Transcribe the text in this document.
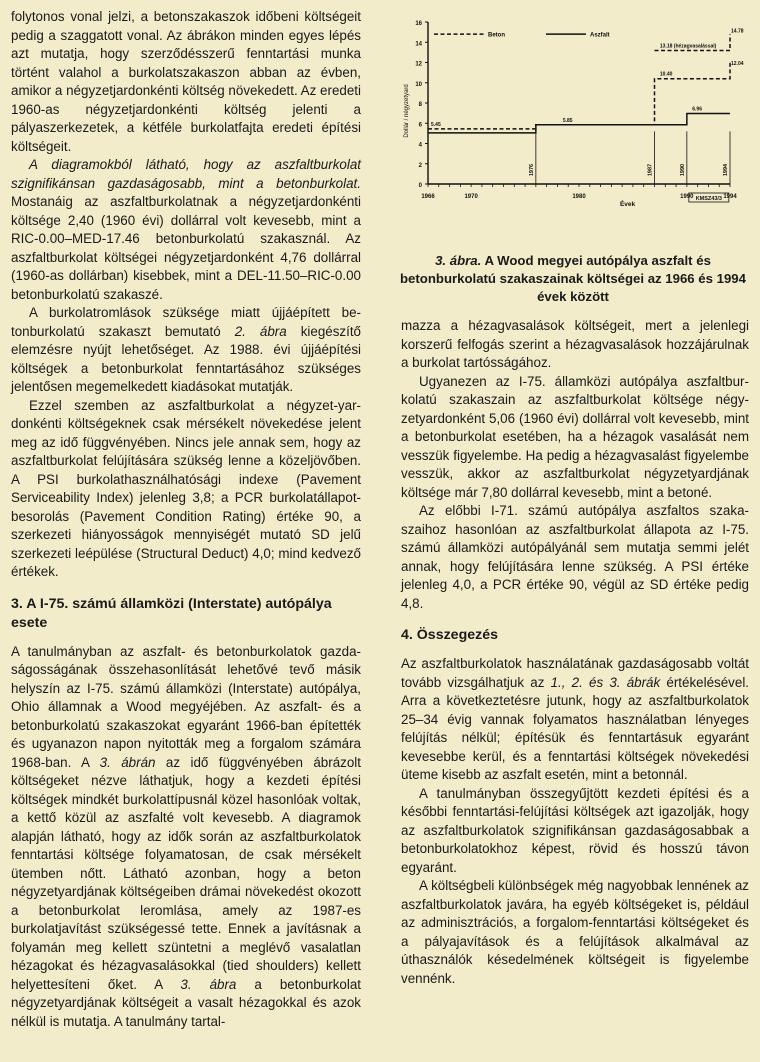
folytonos vonal jelzi, a betonszakaszok időbeni költségeit pedig a szaggatott vonal. Az ábrákon minden egyes lépés azt mutatja, hogy szerződésszerű fenntartási munka történt valahol a burkolatszakaszon abban az évben, amikor a négyzetjardonkénti költség növekedett. Az eredeti 1960-as négyzetjardonkénti költség jelenti a pályaszerkezetek, a kétféle burkolatfajta eredeti építési költségeit.

A diagramokból látható, hogy az aszfaltburkolat szignifikánsan gazdaságosabb, mint a betonburkolat. Mostanáig az aszfaltburkolatnak a négyzetjardonkénti költsége 2,40 (1960 évi) dollárral volt kevesebb, mint a RIC-0.00–MED-17.46 betonburkolatú szakasznál. Az aszfaltburkolat költségei négyzetjardonként 4,76 dollárral (1960-as dollárban) kisebbek, mint a DEL-11.50–RIC-0.00 betonburkolatú szakaszé.

A burkolatromlások szüksége miatt újjáépített betonburkolatú szakaszt bemutató 2. ábra kiegészítő elemzésre nyújt lehetőséget. Az 1988. évi újjáépítési költségek a betonburkolat fenntartásához szükséges jelentősen megemelkedett kiadásokat mutatják.

Ezzel szemben az aszfaltburkolat a négyzet-yardonkénti költségeknek csak mérsékelt növekedése jelent meg az idő függvényében. Nincs jele annak sem, hogy az aszfaltburkolat felújítására szükség lenne a közeljövőben. A PSI burkolathasználhatósági indexe (Pavement Serviceability Index) jelenleg 3,8; a PCR burkolatállapot-besorolás (Pavement Condition Rating) értéke 90, a szerkezeti hiányosságok mennyiségét mutató SD jelű szerkezeti leépülése (Structural Deduct) 4,0; mind kedvező értékek.

3. A I-75. számú államközi (Interstate) autópálya esete

A tanulmányban az aszfalt- és betonburkolatok gazdaságosságának összehasonlítását lehetővé tevő másik helyszín az I-75. számú államközi (Interstate) autópálya, Ohio államnak a Wood megyéjében. Az aszfalt- és a betonburkolatú szakaszokat egyaránt 1966-ban építették és ugyanazon napon nyitották meg a forgalom számára 1968-ban. A 3. ábrán az idő függvényében ábrázolt költségeket nézve láthatjuk, hogy a kezdeti építési költségek mindkét burkolattípusnál közel hasonlóak voltak, a kettő közül az aszfalté volt kevesebb. A diagramok alapján látható, hogy az idők során az aszfaltburkolatok fenntartási költsége folyamatosan, de csak mérsékelt ütemben nőtt. Látható azonban, hogy a beton négyzetyardjának költségeiben drámai növekedést okozott a betonburkolat leromlása, amely az 1987-es burkolatjavítást szükségessé tette. Ennek a javításnak a folyamán meg kellett szüntetni a meglévő vasalatlan hézagokat és hézagvasalásokkal (tied shoulders) kellett helyettesíteni őket. A 3. ábra a betonburkolat négyzetyardjának költségeit a vasalt hézagokkal és azok nélkül is mutatja. A tanulmány tartal-

0
2
4
6
8
10
12
14
16
1966	1970	1980	1990	1994
Dollár / négyzetyard
Évek
KMSZ43/3
1976	1987	1990	1994
Beton	Aszfalt
5.45
5.85
6.96
10.40
13.18 (hézagvasalással)
12.04
14.78
3. ábra. A Wood megyei autópálya aszfalt és betonburkolatú szakaszainak költségei az 1966 és 1994 évek között

mazza a hézagvasalások költségeit, mert a jelenlegi korszerű felfogás szerint a hézagvasalások hozzájárulnak a burkolat tartósságához.

Ugyanezen az I-75. államközi autópálya aszfaltburkolatú szakaszain az aszfaltburkolat költsége négyzetyardonként 5,06 (1960 évi) dollárral volt kevesebb, mint a betonburkolat esetében, ha a hézagok vasalását nem vesszük figyelembe. Ha pedig a hézagvasalást figyelembe vesszük, akkor az aszfaltburkolat négyzetyardjának költsége már 7,80 dollárral kevesebb, mint a betoné.

Az előbbi I-71. számú autópálya aszfaltos szakaszaihoz hasonlóan az aszfaltburkolat állapota az I-75. számú államközi autópályánál sem mutatja semmi jelét annak, hogy felújítására lenne szükség. A PSI értéke jelenleg 4,0, a PCR értéke 90, végül az SD értéke pedig 4,8.

4. Összegezés

Az aszfaltburkolatok használatának gazdaságosabb voltát tovább vizsgálhatjuk az 1., 2. és 3. ábrák értékelésével. Arra a következtetésre jutunk, hogy az aszfaltburkolatok 25–34 évig vannak folyamatos használatban lényeges felújítás nélkül; építésük és fenntartásuk egyaránt kevesebbe kerül, és a fenntartási költségek növekedési üteme kisebb az aszfalt esetén, mint a betonnál.

A tanulmányban összegyűjtött kezdeti építési és a későbbi fenntartási-felújítási költségek azt igazolják, hogy az aszfaltburkolatok szignifikánsan gazdaságosabbak a betonburkolatokhoz képest, rövid és hosszú távon egyaránt.

A költségbeli különbségek még nagyobbak lennének az aszfaltburkolatok javára, ha egyéb költségeket is, például az adminisztrációs, a forgalom-fenntartási költségeket és a pályajavítások és a felújítások alkalmával az úthasználók késedelmének költségeit is figyelembe vennénk.
